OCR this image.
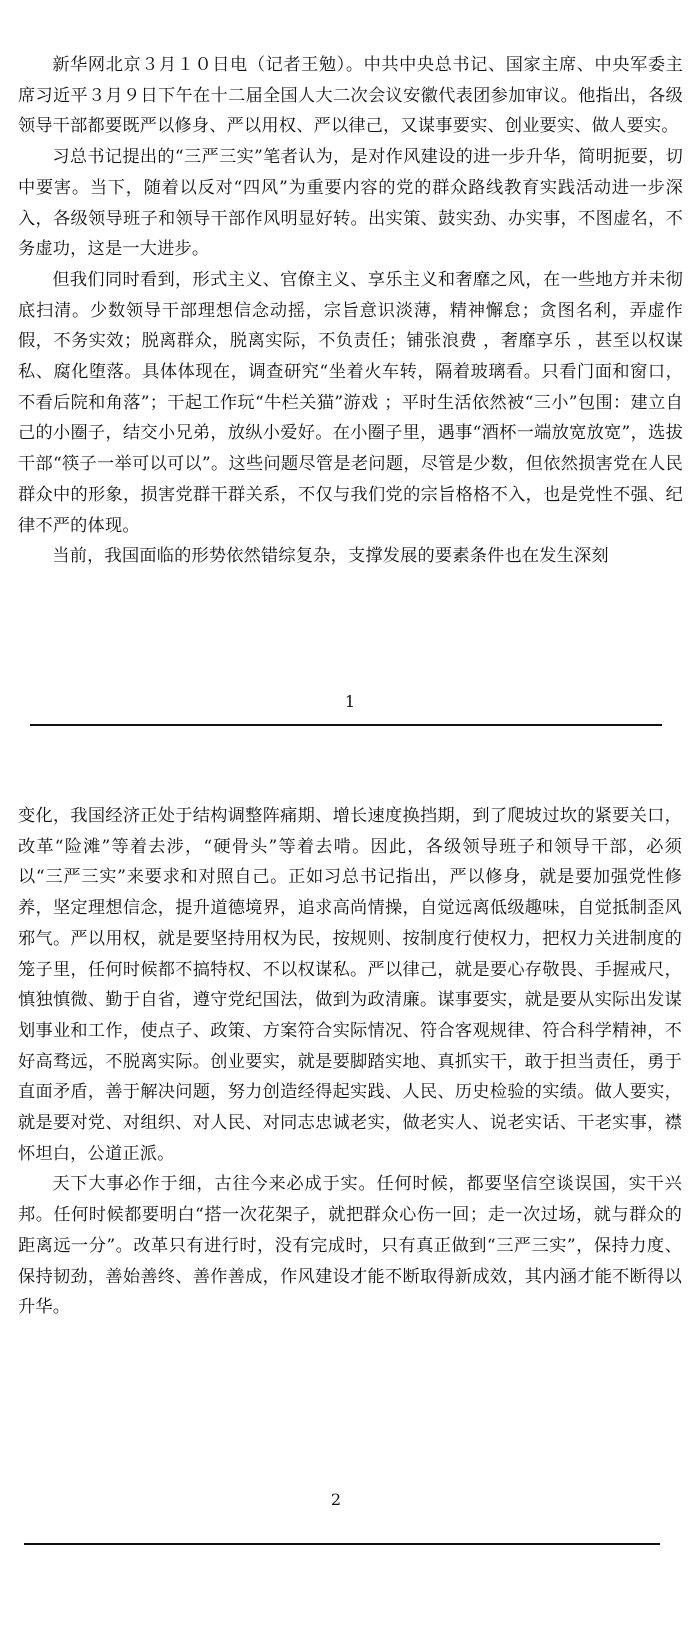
新华网北京３月１０日电（记者王勉）。中共中央总书记、国家主席、中央军委主席习近平３月９日下午在十二届全国人大二次会议安徽代表团参加审议。他指出，各级领导干部都要既严以修身、严以用权、严以律己，又谋事要实、创业要实、做人要实。

习总书记提出的“三严三实”笔者认为，是对作风建设的进一步升华，简明扼要，切中要害。当下，随着以反对“四风”为重要内容的党的群众路线教育实践活动进一步深入，各级领导班子和领导干部作风明显好转。出实策、鼓实劲、办实事，不图虚名，不务虚功，这是一大进步。

但我们同时看到，形式主义、官僚主义、享乐主义和奢靡之风，在一些地方并未彻底扫清。少数领导干部理想信念动摇，宗旨意识淡薄，精神懈怠；贪图名利，弄虚作假，不务实效；脱离群众，脱离实际，不负责任；铺张浪费 ，奢靡享乐 ，甚至以权谋私、腐化堕落。具体体现在，调查研究“坐着火车转，隔着玻璃看。只看门面和窗口，不看后院和角落”；干起工作玩“牛栏关猫”游戏 ；平时生活依然被“三小”包围：建立自己的小圈子，结交小兄弟，放纵小爱好。在小圈子里，遇事“酒杯一端放宽放宽”，选拔干部“筷子一举可以可以”。这些问题尽管是老问题，尽管是少数，但依然损害党在人民群众中的形象，损害党群干群关系，不仅与我们党的宗旨格格不入，也是党性不强、纪律不严的体现。

当前，我国面临的形势依然错综复杂，支撑发展的要素条件也在发生深刻

1

变化，我国经济正处于结构调整阵痛期、增长速度换挡期，到了爬坡过坎的紧要关口，改革“险滩”等着去涉，“硬骨头”等着去啃。因此，各级领导班子和领导干部，必须以“三严三实”来要求和对照自己。正如习总书记指出，严以修身，就是要加强党性修养，坚定理想信念，提升道德境界，追求高尚情操，自觉远离低级趣味，自觉抵制歪风邪气。严以用权，就是要坚持用权为民，按规则、按制度行使权力，把权力关进制度的笼子里，任何时候都不搞特权、不以权谋私。严以律己，就是要心存敬畏、手握戒尺，慎独慎微、勤于自省，遵守党纪国法，做到为政清廉。谋事要实，就是要从实际出发谋划事业和工作，使点子、政策、方案符合实际情况、符合客观规律、符合科学精神，不好高骛远，不脱离实际。创业要实，就是要脚踏实地、真抓实干，敢于担当责任，勇于直面矛盾，善于解决问题，努力创造经得起实践、人民、历史检验的实绩。做人要实，就是要对党、对组织、对人民、对同志忠诚老实，做老实人、说老实话、干老实事，襟怀坦白，公道正派。

天下大事必作于细，古往今来必成于实。任何时候，都要坚信空谈误国，实干兴邦。任何时候都要明白“搭一次花架子，就把群众心伤一回；走一次过场，就与群众的距离远一分”。改革只有进行时，没有完成时，只有真正做到“三严三实”，保持力度、保持韧劲，善始善终、善作善成，作风建设才能不断取得新成效，其内涵才能不断得以升华。

2
